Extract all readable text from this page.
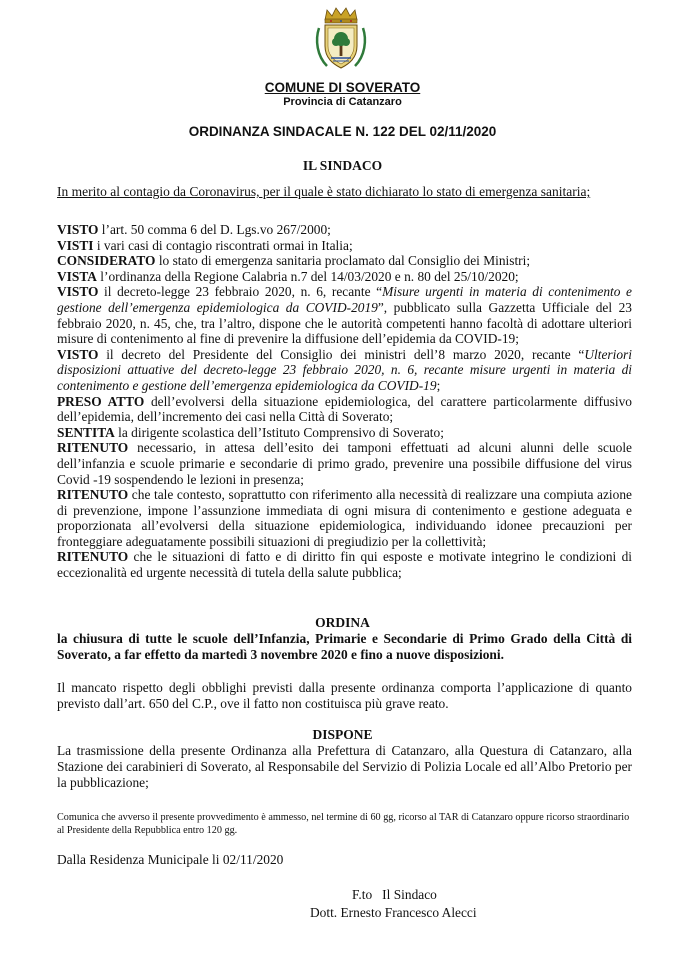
COMUNE DI SOVERATO
Provincia di Catanzaro
ORDINANZA SINDACALE N. 122 DEL 02/11/2020
IL SINDACO
In merito al contagio da Coronavirus, per il quale è stato dichiarato lo stato di emergenza sanitaria;

VISTO l’art. 50 comma 6 del D. Lgs.vo 267/2000;

VISTI i vari casi di contagio riscontrati ormai in Italia;

CONSIDERATO lo stato di emergenza sanitaria proclamato dal Consiglio dei Ministri;

VISTA l’ordinanza della Regione Calabria n.7 del 14/03/2020 e n. 80 del 25/10/2020;

VISTO il decreto-legge 23 febbraio 2020, n. 6, recante “Misure urgenti in materia di contenimento e gestione dell’emergenza epidemiologica da COVID-2019”, pubblicato sulla Gazzetta Ufficiale del 23 febbraio 2020, n. 45, che, tra l’altro, dispone che le autorità competenti hanno facoltà di adottare ulteriori misure di contenimento al fine di prevenire la diffusione dell’epidemia da COVID-19;

VISTO il decreto del Presidente del Consiglio dei ministri dell’8 marzo 2020, recante “Ulteriori disposizioni attuative del decreto-legge 23 febbraio 2020, n. 6, recante misure urgenti in materia di contenimento e gestione dell’emergenza epidemiologica da COVID-19;

PRESO ATTO dell’evolversi della situazione epidemiologica, del carattere particolarmente diffusivo dell’epidemia, dell’incremento dei casi nella Città di Soverato;

SENTITA la dirigente scolastica dell’Istituto Comprensivo di Soverato;

RITENUTO necessario, in attesa dell’esito dei tamponi effettuati ad alcuni alunni delle scuole dell’infanzia e scuole primarie e secondarie di primo grado, prevenire una possibile diffusione del virus Covid -19 sospendendo le lezioni in presenza;

RITENUTO che tale contesto, soprattutto con riferimento alla necessità di realizzare una compiuta azione di prevenzione, impone l’assunzione immediata di ogni misura di contenimento e gestione adeguata e proporzionata all’evolversi della situazione epidemiologica, individuando idonee precauzioni per fronteggiare adeguatamente possibili situazioni di pregiudizio per la collettività;

RITENUTO che le situazioni di fatto e di diritto fin qui esposte e motivate integrino le condizioni di eccezionalità ed urgente necessità di tutela della salute pubblica;

ORDINA
la chiusura di tutte le scuole dell’Infanzia, Primarie e Secondarie di Primo Grado della Città di Soverato, a far effetto da martedì 3 novembre 2020 e fino a nuove disposizioni.
Il mancato rispetto degli obblighi previsti dalla presente ordinanza comporta l’applicazione di quanto previsto dall’art. 650 del C.P., ove il fatto non costituisca più grave reato.
DISPONE
La trasmissione della presente Ordinanza alla Prefettura di Catanzaro, alla Questura di Catanzaro, alla Stazione dei carabinieri di Soverato, al Responsabile del Servizio di Polizia Locale ed all’Albo Pretorio per la pubblicazione;
Comunica che avverso il presente provvedimento è ammesso, nel termine di 60 gg, ricorso al TAR di Catanzaro oppure ricorso straordinario al Presidente della Repubblica entro 120 gg.
Dalla Residenza Municipale li 02/11/2020
F.to   Il Sindaco
Dott. Ernesto Francesco Alecci
